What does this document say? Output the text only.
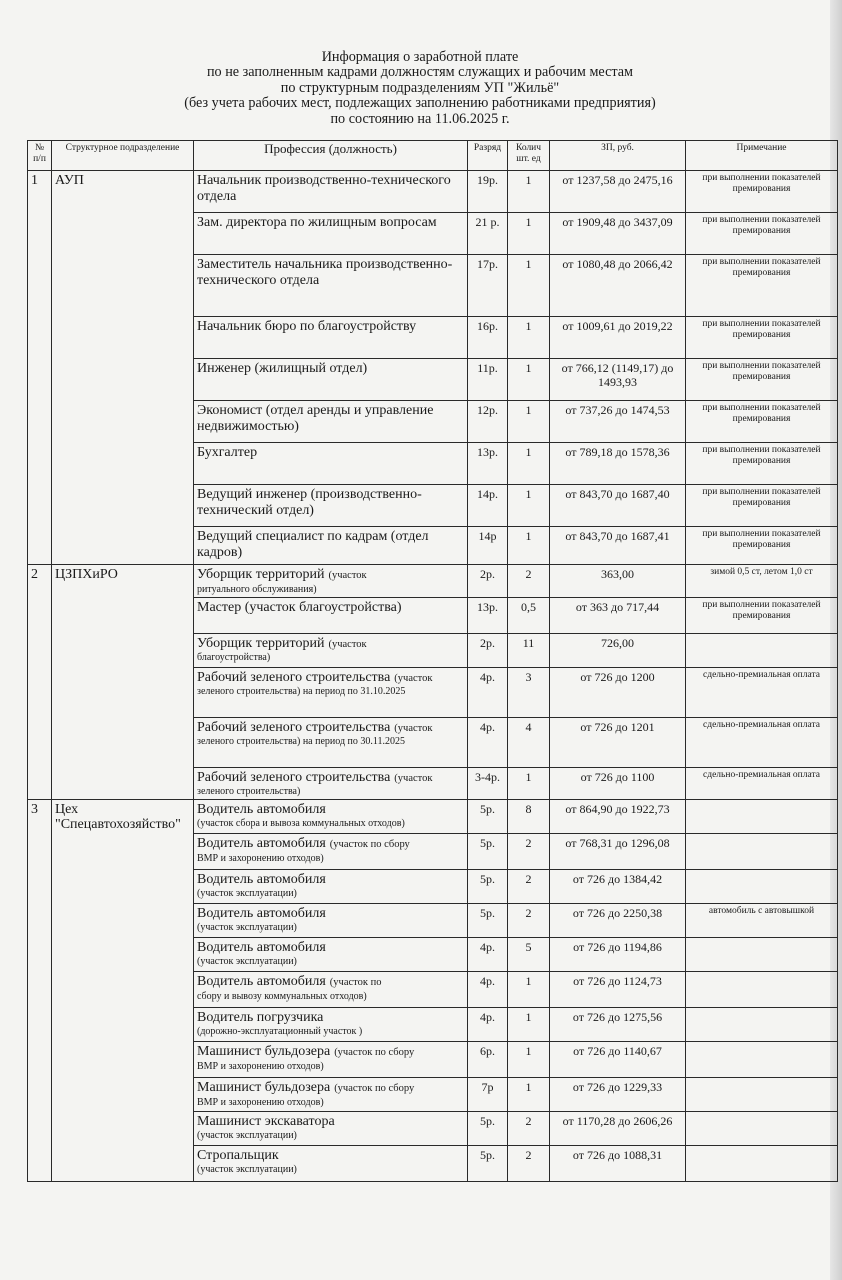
Информация о заработной плате
по не заполненным кадрами должностям служащих и рабочим местам
по структурным подразделениям УП "Жильё"
(без учета рабочих мест, подлежащих заполнению работниками предприятия)
по состоянию на 11.06.2025 г.
№ п/п	Структурное подразделение	Профессия (должность)	Разряд	Колич шт. ед	ЗП, руб.	Примечание
1	АУП	Начальник производственно-технического отдела	19р.	1	от 1237,58 до 2475,16	при выполнении показателей премирования
		Зам. директора по жилищным вопросам	21 р.	1	от 1909,48 до 3437,09	при выполнении показателей премирования
		Заместитель начальника производственно-технического отдела	17р.	1	от 1080,48 до 2066,42	при выполнении показателей премирования
		Начальник бюро по благоустройству	16р.	1	от 1009,61 до 2019,22	при выполнении показателей премирования
		Инженер (жилищный отдел)	11р.	1	от 766,12 (1149,17) до 1493,93	при выполнении показателей премирования
		Экономист (отдел аренды и управление недвижимостью)	12р.	1	от 737,26 до 1474,53	при выполнении показателей премирования
		Бухгалтер	13р.	1	от 789,18 до 1578,36	при выполнении показателей премирования
		Ведущий инженер (производственно-технический отдел)	14р.	1	от 843,70 до 1687,40	при выполнении показателей премирования
		Ведущий специалист по кадрам (отдел кадров)	14р	1	от 843,70 до 1687,41	при выполнении показателей премирования
2	ЦЗПХиРО	Уборщик территорий (участок
ритуального обслуживания)	2р.	2	363,00	зимой 0,5 ст, летом 1,0 ст
		Мастер (участок благоустройства)	13р.	0,5	от 363 до 717,44	при выполнении показателей премирования
		Уборщик территорий (участок
благоустройства)	2р.	11	726,00	
		Рабочий зеленого строительства (участок
зеленого строительства) на период по 31.10.2025	4р.	3	от 726 до 1200	сдельно-премиальная оплата
		Рабочий зеленого строительства (участок
зеленого строительства) на период по 30.11.2025	4р.	4	от 726 до 1201	сдельно-премиальная оплата
		Рабочий зеленого строительства (участок
зеленого строительства)	3-4р.	1	от 726 до 1100	сдельно-премиальная оплата
3	Цех "Спецавтохозяйство"	Водитель автомобиля
(участок сбора и вывоза коммунальных отходов)	5р.	8	от 864,90 до 1922,73	
		Водитель автомобиля (участок по сбору
ВМР и захоронению отходов)	5р.	2	от 768,31 до 1296,08	
		Водитель автомобиля
(участок эксплуатации)	5р.	2	от 726 до 1384,42	
		Водитель автомобиля
(участок эксплуатации)	5р.	2	от 726 до 2250,38	автомобиль с автовышкой
		Водитель автомобиля
(участок эксплуатации)	4р.	5	от 726 до 1194,86	
		Водитель автомобиля (участок по
сбору и вывозу коммунальных отходов)	4р.	1	от 726 до 1124,73	
		Водитель погрузчика
(дорожно-эксплуатационный участок )	4р.	1	от 726 до 1275,56	
		Машинист бульдозера (участок по сбору
ВМР и захоронению отходов)	6р.	1	от 726 до 1140,67	
		Машинист бульдозера (участок по сбору
ВМР и захоронению отходов)	7р	1	от 726 до 1229,33	
		Машинист экскаватора
(участок эксплуатации)	5р.	2	от 1170,28 до 2606,26	
		Стропальщик
(участок эксплуатации)	5р.	2	от 726 до 1088,31	
